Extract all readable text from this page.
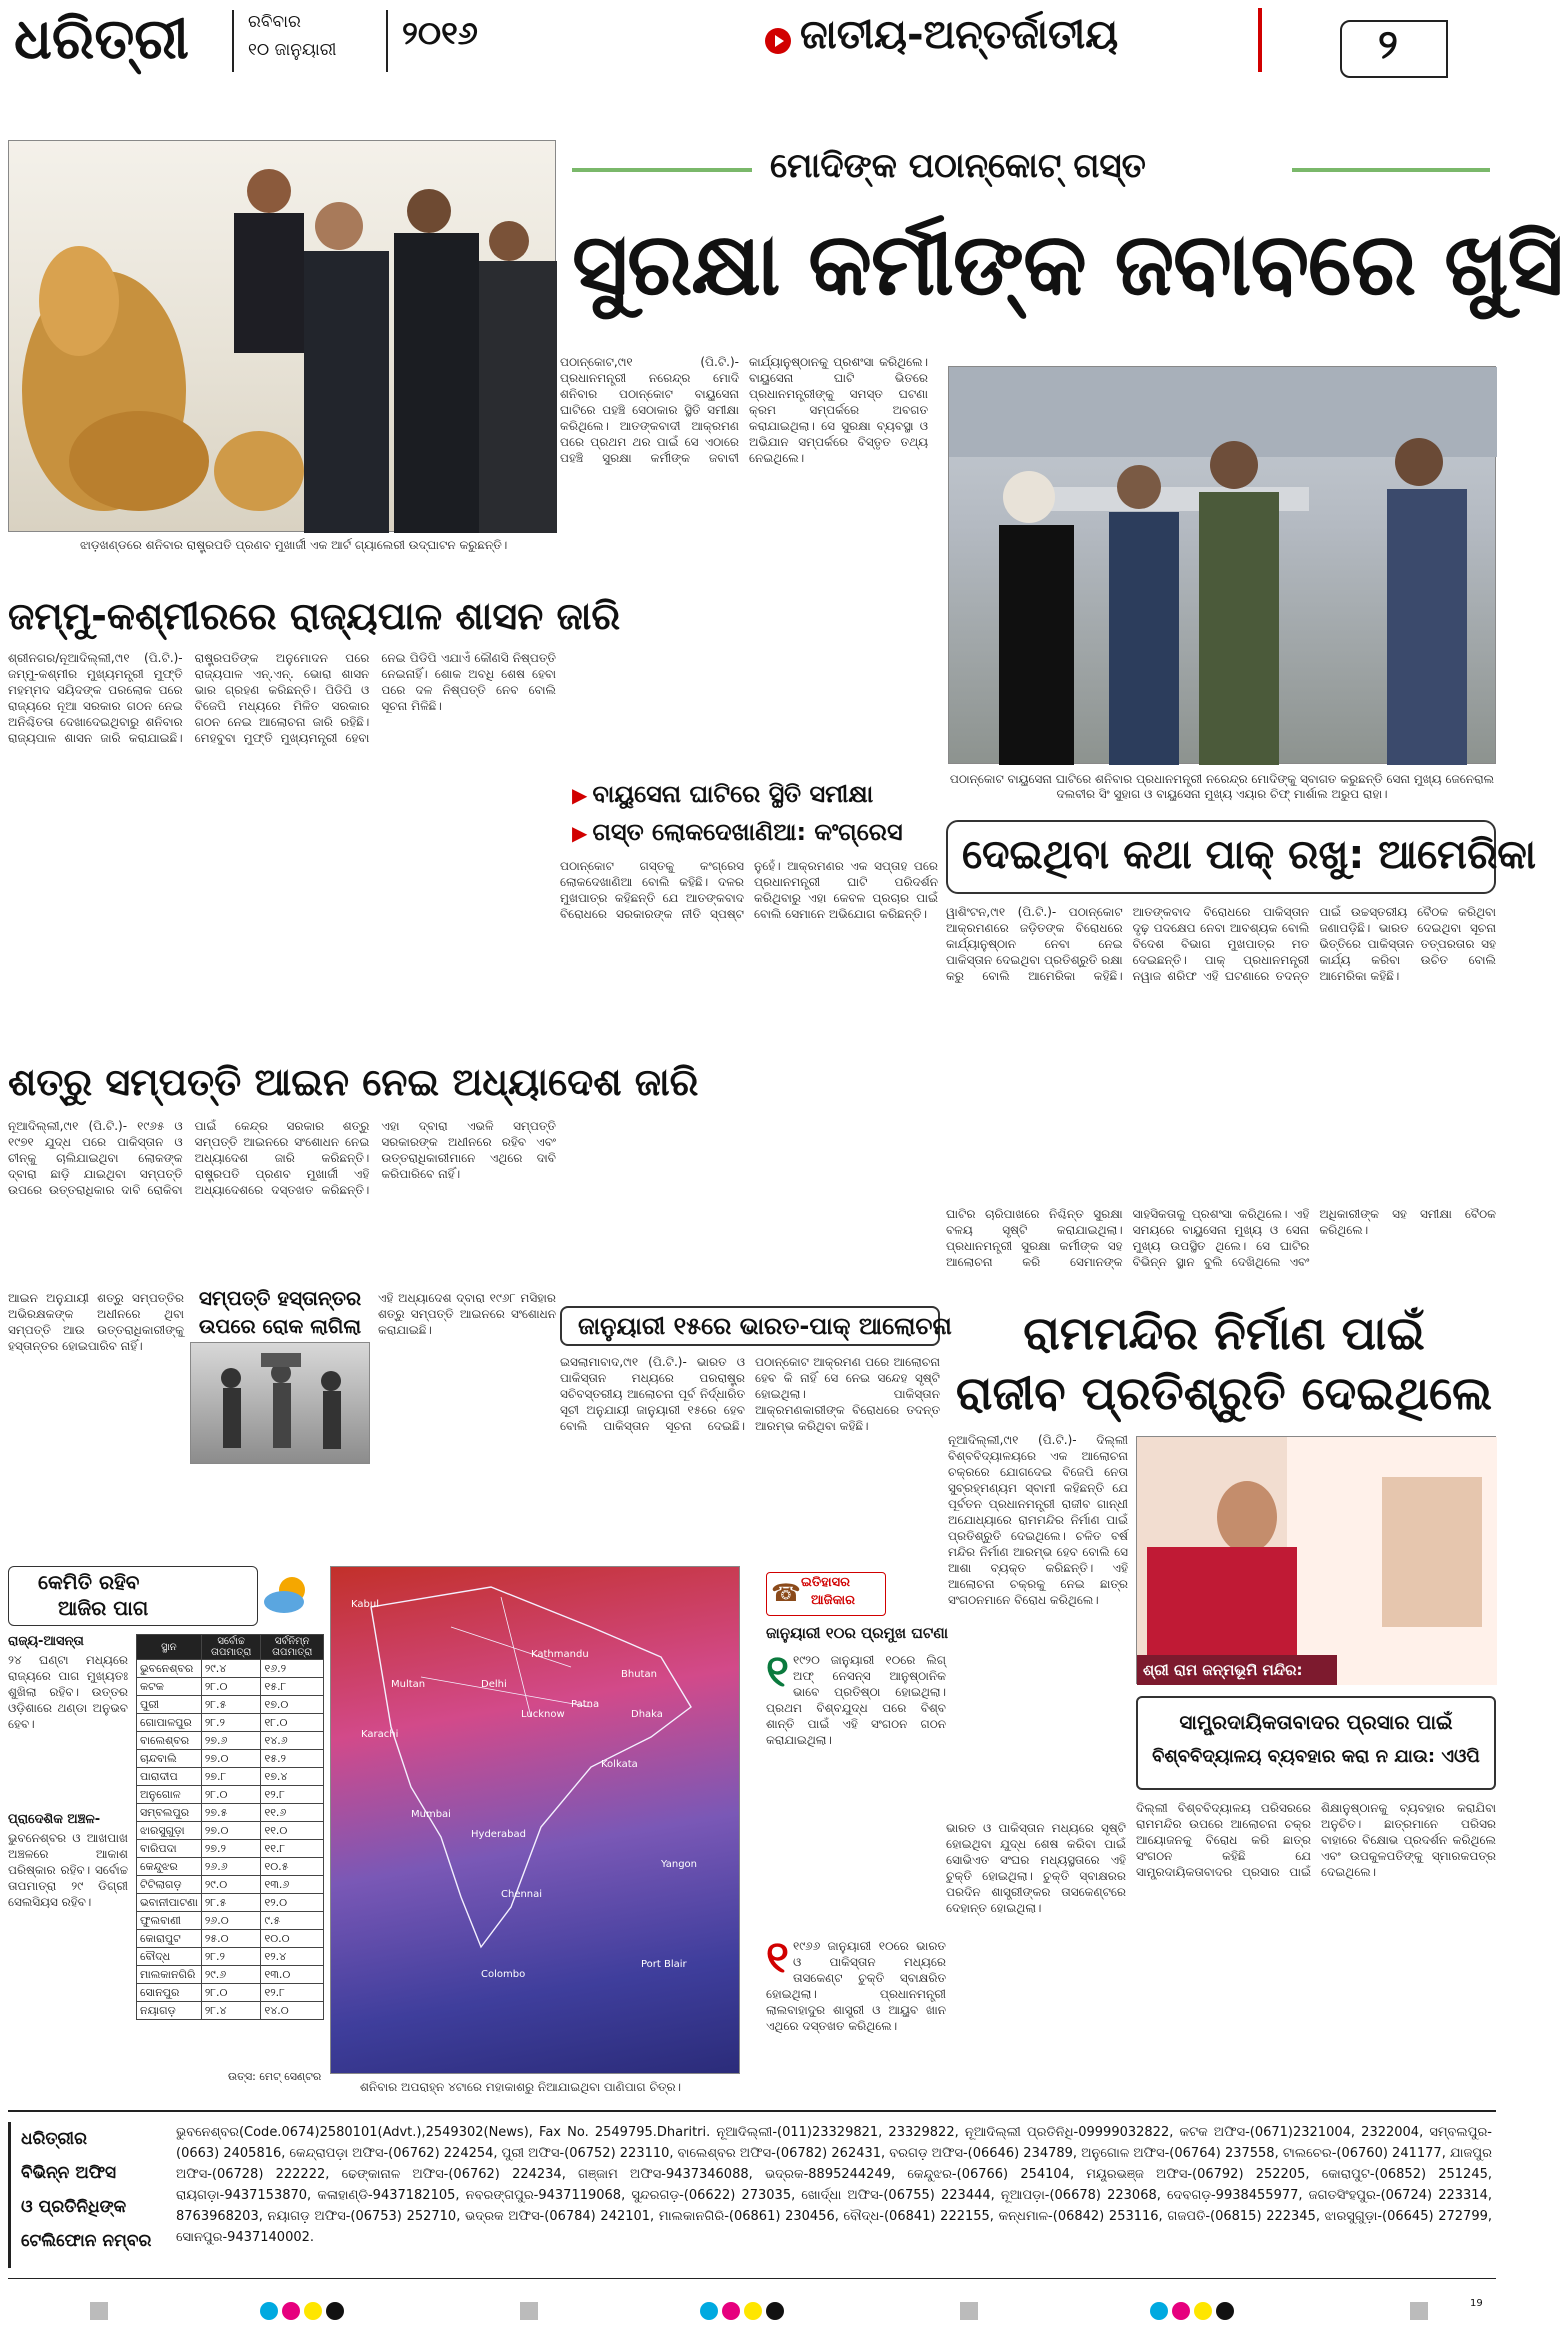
ଧରିତ୍ରୀ	ରବିବାର
୧୦ ଜାନୁୟାରୀ ୨୦୧୬	ଜାତୀୟ-ଅନ୍ତର୍ଜାତୀୟ	୨
ଝାଡ଼ଖଣ୍ଡରେ ଶନିବାର ରାଷ୍ଟ୍ରପତି ପ୍ରଣବ ମୁଖାର୍ଜୀ ଏକ ଆର୍ଟ ଗ୍ୟାଲେରୀ ଉଦ୍‌ଘାଟନ କରୁଛନ୍ତି।
ଜମ୍ମୁ-କଶ୍ମୀରରେ ରାଜ୍ୟପାଳ ଶାସନ ଜାରି
ଶ୍ରୀନଗର/ନୂଆଦିଲ୍ଲୀ,୯ା୧ (ପି.ଟି.)- ଜମ୍ମୁ-କଶ୍ମୀର ମୁଖ୍ୟମନ୍ତ୍ରୀ ମୁଫ୍ତି ମହମ୍ମଦ ସୟିଦଙ୍କ ପରଲୋକ ପରେ ରାଜ୍ୟରେ ନୂଆ ସରକାର ଗଠନ ନେଇ ଅନିଶ୍ଚିତତା ଦେଖାଦେଇଥିବାରୁ ଶନିବାର ରାଜ୍ୟପାଳ ଶାସନ ଜାରି କରାଯାଇଛି। ରାଷ୍ଟ୍ରପତିଙ୍କ ଅନୁମୋଦନ ପରେ ରାଜ୍ୟପାଳ ଏନ୍.ଏନ୍. ଭୋରା ଶାସନ ଭାର ଗ୍ରହଣ କରିଛନ୍ତି। ପିଡିପି ଓ ବିଜେପି ମଧ୍ୟରେ ମିଳିତ ସରକାର ଗଠନ ନେଇ ଆଲୋଚନା ଜାରି ରହିଛି। ମେହବୁବା ମୁଫ୍ତି ମୁଖ୍ୟମନ୍ତ୍ରୀ ହେବା ନେଇ ପିଡିପି ଏଯାଏଁ କୌଣସି ନିଷ୍ପତ୍ତି ନେଇନାହିଁ। ଶୋକ ଅବଧି ଶେଷ ହେବା ପରେ ଦଳ ନିଷ୍ପତ୍ତି ନେବ ବୋଲି ସୂଚନା ମିଳିଛି।
ଶତ୍ରୁ ସମ୍ପତ୍ତି ଆଇନ ନେଇ ଅଧ୍ୟାଦେଶ ଜାରି
ନୂଆଦିଲ୍ଲୀ,୯ା୧ (ପି.ଟି.)- ୧୯୬୫ ଓ ୧୯୭୧ ଯୁଦ୍ଧ ପରେ ପାକିସ୍ତାନ ଓ ଚୀନ୍‌କୁ ଚାଲିଯାଇଥିବା ଲୋକଙ୍କ ଦ୍ବାରା ଛାଡ଼ି ଯାଇଥିବା ସମ୍ପତ୍ତି ଉପରେ ଉତ୍ତରାଧିକାର ଦାବି ରୋକିବା ପାଇଁ କେନ୍ଦ୍ର ସରକାର ଶତ୍ରୁ ସମ୍ପତ୍ତି ଆଇନରେ ସଂଶୋଧନ ନେଇ ଅଧ୍ୟାଦେଶ ଜାରି କରିଛନ୍ତି। ରାଷ୍ଟ୍ରପତି ପ୍ରଣବ ମୁଖାର୍ଜୀ ଏହି ଅଧ୍ୟାଦେଶରେ ଦସ୍ତଖତ କରିଛନ୍ତି। ଏହା ଦ୍ବାରା ଏଭଳି ସମ୍ପତ୍ତି ସରକାରଙ୍କ ଅଧୀନରେ ରହିବ ଏବଂ ଉତ୍ତରାଧିକାରୀମାନେ ଏଥିରେ ଦାବି କରିପାରିବେ ନାହିଁ।
ସମ୍ପତ୍ତି ହସ୍ତାନ୍ତର ଉପରେ ରୋକ ଲାଗିଲା
ଆଇନ ଅନୁଯାୟୀ ଶତ୍ରୁ ସମ୍ପତ୍ତିର ଅଭିରକ୍ଷକଙ୍କ ଅଧୀନରେ ଥିବା ସମ୍ପତ୍ତି ଆଉ ଉତ୍ତରାଧିକାରୀଙ୍କୁ ହସ୍ତାନ୍ତର ହୋଇପାରିବ ନାହିଁ।
ଏହି ଅଧ୍ୟାଦେଶ ଦ୍ବାରା ୧୯୬୮ ମସିହାର ଶତ୍ରୁ ସମ୍ପତ୍ତି ଆଇନରେ ସଂଶୋଧନ କରାଯାଇଛି।
ମୋଦିଙ୍କ ପଠାନ୍‌କୋଟ୍ ଗସ୍ତ
ସୁରକ୍ଷା କର୍ମୀଙ୍କ ଜବାବରେ ଖୁସି
ପଠାନ୍‌କୋଟ,୯ା୧ (ପି.ଟି.)- ପ୍ରଧାନମନ୍ତ୍ରୀ ନରେନ୍ଦ୍ର ମୋଦି ଶନିବାର ପଠାନ୍‌କୋଟ ବାୟୁସେନା ଘାଟିରେ ପହଞ୍ଚି ସେଠାକାର ସ୍ଥିତି ସମୀକ୍ଷା କରିଥିଲେ। ଆତଙ୍କବାଦୀ ଆକ୍ରମଣ ପରେ ପ୍ରଥମ ଥର ପାଇଁ ସେ ଏଠାରେ ପହଞ୍ଚି ସୁରକ୍ଷା କର୍ମୀଙ୍କ ଜବାବୀ କାର୍ଯ୍ୟାନୁଷ୍ଠାନକୁ ପ୍ରଶଂସା କରିଥିଲେ। ବାୟୁସେନା ଘାଟି ଭିତରେ ପ୍ରଧାନମନ୍ତ୍ରୀଙ୍କୁ ସମସ୍ତ ଘଟଣା କ୍ରମ ସମ୍ପର୍କରେ ଅବଗତ କରାଯାଇଥିଲା। ସେ ସୁରକ୍ଷା ବ୍ୟବସ୍ଥା ଓ ଅଭିଯାନ ସମ୍ପର୍କରେ ବିସ୍ତୃତ ତଥ୍ୟ ନେଇଥିଲେ।
ପଠାନ୍‌କୋଟ ବାୟୁସେନା ଘାଟିରେ ଶନିବାର ପ୍ରଧାନମନ୍ତ୍ରୀ ନରେନ୍ଦ୍ର ମୋଦିଙ୍କୁ ସ୍ବାଗତ କରୁଛନ୍ତି ସେନା ମୁଖ୍ୟ ଜେନେରାଲ ଦଲବୀର ସିଂ ସୁହାଗ ଓ ବାୟୁସେନା ମୁଖ୍ୟ ଏୟାର ଚିଫ୍ ମାର୍ଶାଲ ଅରୁପ ରାହା।
▶ ବାୟୁସେନା ଘାଟିରେ ସ୍ଥିତି ସମୀକ୍ଷା
▶ ଗସ୍ତ ଲୋକଦେଖାଣିଆ: କଂଗ୍ରେସ
ପଠାନ୍‌କୋଟ ଗସ୍ତକୁ କଂଗ୍ରେସ ଲୋକଦେଖାଣିଆ ବୋଲି କହିଛି। ଦଳର ମୁଖପାତ୍ର କହିଛନ୍ତି ଯେ ଆତଙ୍କବାଦ ବିରୋଧରେ ସରକାରଙ୍କ ନୀତି ସ୍ପଷ୍ଟ ନୁହେଁ। ଆକ୍ରମଣର ଏକ ସପ୍ତାହ ପରେ ପ୍ରଧାନମନ୍ତ୍ରୀ ଘାଟି ପରିଦର୍ଶନ କରିଥିବାରୁ ଏହା କେବଳ ପ୍ରଚାର ପାଇଁ ବୋଲି ସେମାନେ ଅଭିଯୋଗ କରିଛନ୍ତି।
ଦେଇଥିବା କଥା ପାକ୍ ରଖୁ: ଆମେରିକା
ୱାଶିଂଟନ,୯ା୧ (ପି.ଟି.)- ପଠାନ୍‌କୋଟ ଆକ୍ରମଣରେ ଜଡ଼ିତଙ୍କ ବିରୋଧରେ କାର୍ଯ୍ୟାନୁଷ୍ଠାନ ନେବା ନେଇ ପାକିସ୍ତାନ ଦେଇଥିବା ପ୍ରତିଶ୍ରୁତି ରକ୍ଷା କରୁ ବୋଲି ଆମେରିକା କହିଛି। ଆତଙ୍କବାଦ ବିରୋଧରେ ପାକିସ୍ତାନ ଦୃଢ଼ ପଦକ୍ଷେପ ନେବା ଆବଶ୍ୟକ ବୋଲି ବିଦେଶ ବିଭାଗ ମୁଖପାତ୍ର ମତ ଦେଇଛନ୍ତି। ପାକ୍ ପ୍ରଧାନମନ୍ତ୍ରୀ ନୱାଜ ଶରିଫ ଏହି ଘଟଣାରେ ତଦନ୍ତ ପାଇଁ ଉଚ୍ଚସ୍ତରୀୟ ବୈଠକ କରିଥିବା ଜଣାପଡ଼ିଛି। ଭାରତ ଦେଇଥିବା ସୂଚନା ଭିତ୍ତିରେ ପାକିସ୍ତାନ ତତ୍ପରତାର ସହ କାର୍ଯ୍ୟ କରିବା ଉଚିତ ବୋଲି ଆମେରିକା କହିଛି।
ଘାଟିର ଚାରିପାଖରେ ନିଶ୍ଚିନ୍ତ ସୁରକ୍ଷା ବଳୟ ସୃଷ୍ଟି କରାଯାଇଥିଲା। ପ୍ରଧାନମନ୍ତ୍ରୀ ସୁରକ୍ଷା କର୍ମୀଙ୍କ ସହ ଆଲୋଚନା କରି ସେମାନଙ୍କ ସାହସିକତାକୁ ପ୍ରଶଂସା କରିଥିଲେ। ଏହି ସମୟରେ ବାୟୁସେନା ମୁଖ୍ୟ ଓ ସେନା ମୁଖ୍ୟ ଉପସ୍ଥିତ ଥିଲେ। ସେ ଘାଟିର ବିଭିନ୍ନ ସ୍ଥାନ ବୁଲି ଦେଖିଥିଲେ ଏବଂ ଅଧିକାରୀଙ୍କ ସହ ସମୀକ୍ଷା ବୈଠକ କରିଥିଲେ।
ଜାନୁୟାରୀ ୧୫ରେ ଭାରତ-ପାକ୍ ଆଲୋଚନା
ଇସଲାମାବାଦ,୯ା୧ (ପି.ଟି.)- ଭାରତ ଓ ପାକିସ୍ତାନ ମଧ୍ୟରେ ପରରାଷ୍ଟ୍ର ସଚିବସ୍ତରୀୟ ଆଲୋଚନା ପୂର୍ବ ନିର୍ଦ୍ଧାରିତ ସୂଚୀ ଅନୁଯାୟୀ ଜାନୁୟାରୀ ୧୫ରେ ହେବ ବୋଲି ପାକିସ୍ତାନ ସୂଚନା ଦେଇଛି। ପଠାନ୍‌କୋଟ ଆକ୍ରମଣ ପରେ ଆଲୋଚନା ହେବ କି ନାହିଁ ସେ ନେଇ ସନ୍ଦେହ ସୃଷ୍ଟି ହୋଇଥିଲା। ପାକିସ୍ତାନ ଆକ୍ରମଣକାରୀଙ୍କ ବିରୋଧରେ ତଦନ୍ତ ଆରମ୍ଭ କରିଥିବା କହିଛି।
ରାମମନ୍ଦିର ନିର୍ମାଣ ପାଇଁ
ରାଜୀବ ପ୍ରତିଶ୍ରୁତି ଦେଇଥିଲେ
ନୂଆଦିଲ୍ଲୀ,୯ା୧ (ପି.ଟି.)- ଦିଲ୍ଲୀ ବିଶ୍ବବିଦ୍ୟାଳୟରେ ଏକ ଆଲୋଚନା ଚକ୍ରରେ ଯୋଗଦେଇ ବିଜେପି ନେତା ସୁବ୍ରହ୍ମଣ୍ୟମ ସ୍ବାମୀ କହିଛନ୍ତି ଯେ ପୂର୍ବତନ ପ୍ରଧାନମନ୍ତ୍ରୀ ରାଜୀବ ଗାନ୍ଧୀ ଅଯୋଧ୍ୟାରେ ରାମମନ୍ଦିର ନିର୍ମାଣ ପାଇଁ ପ୍ରତିଶ୍ରୁତି ଦେଇଥିଲେ। ଚଳିତ ବର୍ଷ ମନ୍ଦିର ନିର୍ମାଣ ଆରମ୍ଭ ହେବ ବୋଲି ସେ ଆଶା ବ୍ୟକ୍ତ କରିଛନ୍ତି। ଏହି ଆଲୋଚନା ଚକ୍ରକୁ ନେଇ ଛାତ୍ର ସଂଗଠନମାନେ ବିରୋଧ କରିଥିଲେ।
ଶ୍ରୀ ରାମ ଜନ୍ମଭୂମି ମନ୍ଦିର:
ସାମ୍ପ୍ରଦାୟିକତାବାଦର ପ୍ରସାର ପାଇଁ
ବିଶ୍ବବିଦ୍ୟାଳୟ ବ୍ୟବହାର କରା ନ ଯାଉ: ଏଓପି
ଦିଲ୍ଲୀ ବିଶ୍ବବିଦ୍ୟାଳୟ ପରିସରରେ ରାମମନ୍ଦିର ଉପରେ ଆଲୋଚନା ଚକ୍ର ଆୟୋଜନକୁ ବିରୋଧ କରି ଛାତ୍ର ସଂଗଠନ କହିଛି ଯେ ସାମ୍ପ୍ରଦାୟିକତାବାଦର ପ୍ରସାର ପାଇଁ ଶିକ୍ଷାନୁଷ୍ଠାନକୁ ବ୍ୟବହାର କରାଯିବା ଅନୁଚିତ। ଛାତ୍ରମାନେ ପରିସର ବାହାରେ ବିକ୍ଷୋଭ ପ୍ରଦର୍ଶନ କରିଥିଲେ ଏବଂ ଉପକୁଳପତିଙ୍କୁ ସ୍ମାରକପତ୍ର ଦେଇଥିଲେ।
☎ ଇତିହାସର
ଆଜିକାର
ଜାନୁୟାରୀ ୧୦ର ପ୍ରମୁଖ ଘଟଣା
୧ ୧୯୨୦ ଜାନୁୟାରୀ ୧୦ରେ ଲିଗ୍ ଅଫ୍ ନେସନ୍ସ ଆନୁଷ୍ଠାନିକ ଭାବେ ପ୍ରତିଷ୍ଠା ହୋଇଥିଲା। ପ୍ରଥମ ବିଶ୍ବଯୁଦ୍ଧ ପରେ ବିଶ୍ବ ଶାନ୍ତି ପାଇଁ ଏହି ସଂଗଠନ ଗଠନ କରାଯାଇଥିଲା।
୧ ୧୯୬୬ ଜାନୁୟାରୀ ୧୦ରେ ଭାରତ ଓ ପାକିସ୍ତାନ ମଧ୍ୟରେ ତାସକେଣ୍ଟ ଚୁକ୍ତି ସ୍ବାକ୍ଷରିତ ହୋଇଥିଲା। ପ୍ରଧାନମନ୍ତ୍ରୀ ଲାଲବାହାଦୁର ଶାସ୍ତ୍ରୀ ଓ ଆୟୁବ ଖାନ ଏଥିରେ ଦସ୍ତଖତ କରିଥିଲେ।
ଭାରତ ଓ ପାକିସ୍ତାନ ମଧ୍ୟରେ ସୃଷ୍ଟି ହୋଇଥିବା ଯୁଦ୍ଧ ଶେଷ କରିବା ପାଇଁ ସୋଭିଏତ ସଂଘର ମଧ୍ୟସ୍ଥତାରେ ଏହି ଚୁକ୍ତି ହୋଇଥିଲା। ଚୁକ୍ତି ସ୍ବାକ୍ଷରର ପରଦିନ ଶାସ୍ତ୍ରୀଙ୍କର ତାସକେଣ୍ଟରେ ଦେହାନ୍ତ ହୋଇଥିଲା।
କେମିତି ରହିବ
ଆଜିର ପାଗ
ରାଜ୍ୟ-ଆସନ୍ତା
୨୪ ଘଣ୍ଟା ମଧ୍ୟରେ ରାଜ୍ୟରେ ପାଗ ମୁଖ୍ୟତଃ ଶୁଖିଲା ରହିବ। ଉତ୍ତର ଓଡ଼ିଶାରେ ଥଣ୍ଡା ଅନୁଭବ ହେବ।
ପ୍ରାଦେଶିକ ଅଞ୍ଚଳ-
ଭୁବନେଶ୍ବର ଓ ଆଖପାଖ ଅଞ୍ଚଳରେ ଆକାଶ ପରିଷ୍କାର ରହିବ। ସର୍ବୋଚ୍ଚ ତାପମାତ୍ରା ୨୯ ଡିଗ୍ରୀ ସେଲସିୟସ ରହିବ।
ସ୍ଥାନ	ସର୍ବୋଚ୍ଚ ତାପମାତ୍ରା	ସର୍ବନିମ୍ନ ତାପମାତ୍ରା
ଭୁବନେଶ୍ବର	୨୯.୪	୧୬.୨
କଟକ	୨୮.୦	୧୫.୮
ପୁରୀ	୨୮.୫	୧୭.୦
ଗୋପାଳପୁର	୨୮.୨	୧୮.୦
ବାଲେଶ୍ବର	୨୭.୬	୧୪.୬
ଚାନ୍ଦବାଲି	୨୭.୦	୧୫.୨
ପାରାଦୀପ	୨୭.୮	୧୭.୪
ଅନୁଗୋଳ	୨୮.୦	୧୨.୮
ସମ୍ବଲପୁର	୨୭.୫	୧୧.୬
ଝାରସୁଗୁଡ଼ା	୨୭.୦	୧୧.୦
ବାରିପଦା	୨୭.୨	୧୧.୮
କେନ୍ଦୁଝର	୨୬.୬	୧୦.୫
ଟିଟିଲାଗଡ଼	୨୯.୦	୧୩.୬
ଭବାନୀପାଟଣା	୨୮.୫	୧୨.୦
ଫୁଲବାଣୀ	୨୬.୦	୯.୫
କୋରାପୁଟ	୨୫.୦	୧୦.୦
ବୌଦ୍ଧ	୨୮.୨	୧୨.୪
ମାଲକାନଗିରି	୨୯.୬	୧୩.୦
ସୋନପୁର	୨୮.୦	୧୨.୮
ନୟାଗଡ଼	୨୮.୪	୧୪.୦
ଉତ୍ସ: ମେଟ୍ ସେଣ୍ଟର
Kabul
Multan	Delhi
Kathmandu
Bhutan
Dhaka
Kolkata
Mumbai
Yangon
Chennai
Colombo
Karachi
Lucknow
Patna
Hyderabad
Port Blair
ଶନିବାର ଅପରାହ୍ନ ୪ଟାରେ ମହାକାଶରୁ ନିଆଯାଇଥିବା ପାଣିପାଗ ଚିତ୍ର।
ଧରିତ୍ରୀର
ବିଭିନ୍ନ ଅଫିସ
ଓ ପ୍ରତିନିଧିଙ୍କ
ଟେଲିଫୋନ ନମ୍ବର
ଭୁବନେଶ୍ବର(Code.0674)2580101(Advt.),2549302(News), Fax No. 2549795.Dharitri. ନୂଆଦିଲ୍ଲୀ-(011)23329821, 23329822, ନୂଆଦିଲ୍ଲୀ ପ୍ରତିନିଧି-09999032822, କଟକ ଅଫିସ-(0671)2321004, 2322004, ସମ୍ବଲପୁର-(0663) 2405816, କେନ୍ଦ୍ରାପଡ଼ା ଅଫିସ-(06762) 224254, ପୁରୀ ଅଫିସ-(06752) 223110, ବାଲେଶ୍ବର ଅଫିସ-(06782) 262431, ବରଗଡ଼ ଅଫିସ-(06646) 234789, ଅନୁଗୋଳ ଅଫିସ-(06764) 237558, ଟାଲଚେର-(06760) 241177, ଯାଜପୁର ଅଫିସ-(06728) 222222, ଢେଙ୍କାନାଳ ଅଫିସ-(06762) 224234, ଗଞ୍ଜାମ ଅଫିସ-9437346088, ଭଦ୍ରକ-8895244249, କେନ୍ଦୁଝର-(06766) 254104, ମୟୂରଭଞ୍ଜ ଅଫିସ-(06792) 252205, କୋରାପୁଟ-(06852) 251245, ରାୟଗଡ଼ା-9437153870, କଳାହାଣ୍ଡି-9437182105, ନବରଙ୍ଗପୁର-9437119068, ସୁନ୍ଦରଗଡ଼-(06622) 273035, ଖୋର୍ଦ୍ଧା ଅଫିସ-(06755) 223444, ନୂଆପଡ଼ା-(06678) 223068, ଦେବଗଡ଼-9938455977, ଜଗତସିଂହପୁର-(06724) 223314, 8763968203, ନୟାଗଡ଼ ଅଫିସ-(06753) 252710, ଭଦ୍ରକ ଅଫିସ-(06784) 242101, ମାଲକାନଗିରି-(06861) 230456, ବୌଦ୍ଧ-(06841) 222155, କନ୍ଧମାଳ-(06842) 253116, ଗଜପତି-(06815) 222345, ଝାରସୁଗୁଡ଼ା-(06645) 272799, ସୋନପୁର-9437140002.
19
